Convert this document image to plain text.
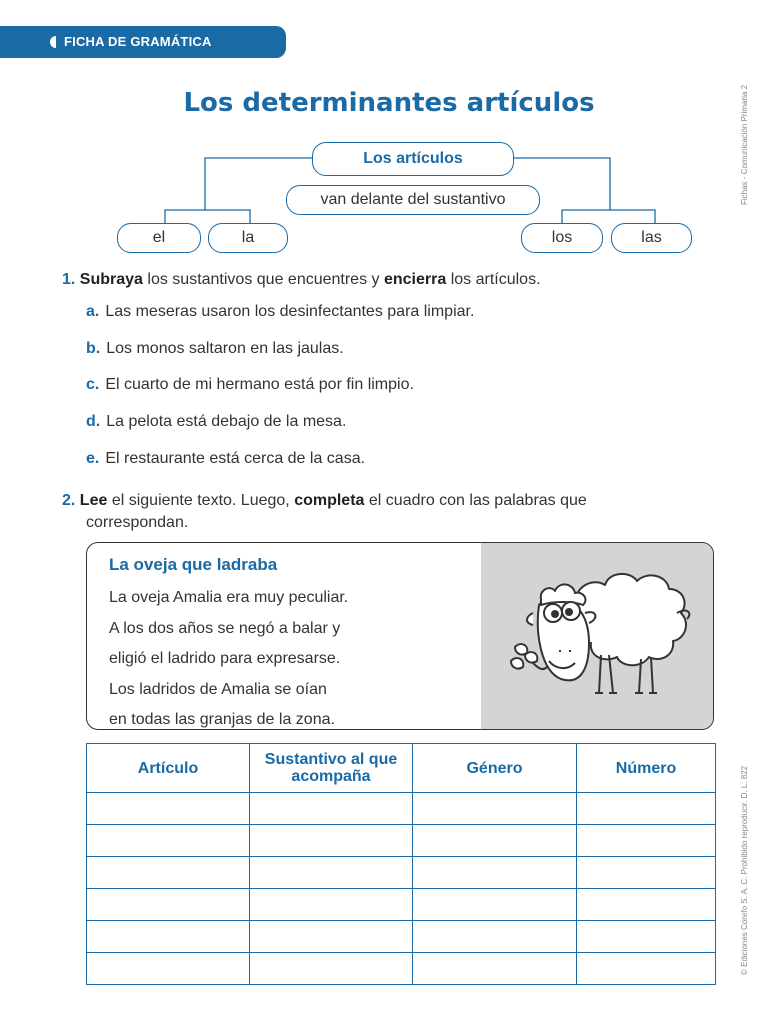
FICHA DE GRAMÁTICA
Fichas - Comunicación Primaria 2
© Ediciones Corefo S. A. C. Prohibido reproducir. D. L. 822
Los determinantes artículos
Los artículos
van delante del sustantivo
el	la	los	las
1. Subraya los sustantivos que encuentres y encierra los artículos.
a. Las meseras usaron los desinfectantes para limpiar.
b. Los monos saltaron en las jaulas.
c. El cuarto de mi hermano está por fin limpio.
d. La pelota está debajo de la mesa.
e. El restaurante está cerca de la casa.
2. Lee el siguiente texto. Luego, completa el cuadro con las palabras que
correspondan.
La oveja que ladraba
La oveja Amalia era muy peculiar.
A los dos años se negó a balar y
eligió el ladrido para expresarse.
Los ladridos de Amalia se oían
en todas las granjas de la zona.
Artículo	Sustantivo al que acompaña	Género	Número
